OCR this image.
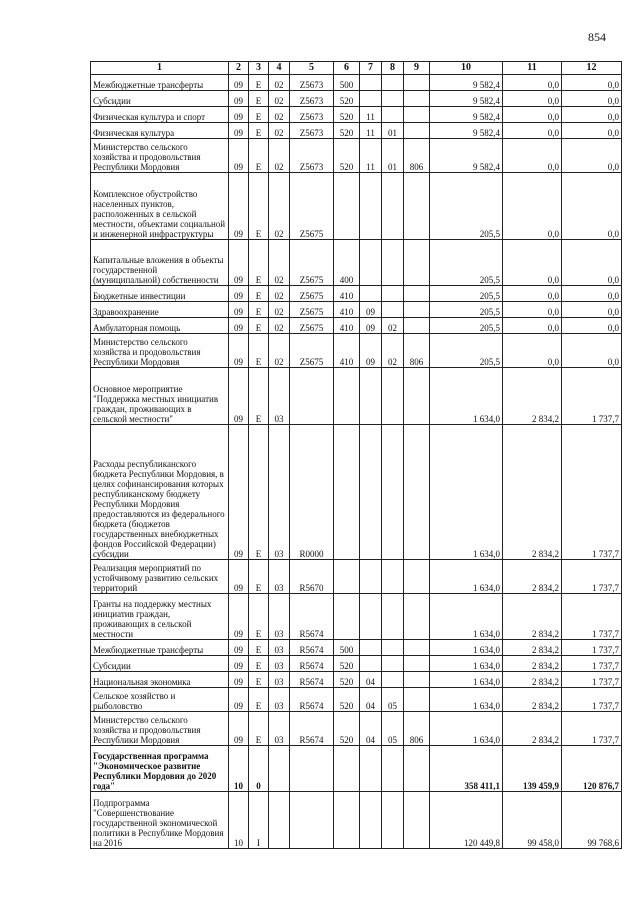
854
1	2	3	4	5	6	7	8	9	10	11	12
Межбюджетные трансферты	09	Е	02	Z5673	500				9 582,4	0,0	0,0
Субсидии	09	Е	02	Z5673	520				9 582,4	0,0	0,0
Физическая культура и спорт	09	Е	02	Z5673	520	11			9 582,4	0,0	0,0
Физическая культура	09	Е	02	Z5673	520	11	01		9 582,4	0,0	0,0
Министерство сельского хозяйства и продовольствия Республики Мордовия	09	Е	02	Z5673	520	11	01	806	9 582,4	0,0	0,0
Комплексное обустройство населенных пунктов, расположенных в сельской местности, объектами социальной и инженерной инфраструктуры	09	Е	02	Z5675					205,5	0,0	0,0
Капитальные вложения в объекты государственной (муниципальной) собственности	09	Е	02	Z5675	400				205,5	0,0	0,0
Бюджетные инвестиции	09	Е	02	Z5675	410				205,5	0,0	0,0
Здравоохранение	09	Е	02	Z5675	410	09			205,5	0,0	0,0
Амбулаторная помощь	09	Е	02	Z5675	410	09	02		205,5	0,0	0,0
Министерство сельского хозяйства и продовольствия Республики Мордовия	09	Е	02	Z5675	410	09	02	806	205,5	0,0	0,0
Основное мероприятие "Поддержка местных инициатив граждан, проживающих в сельской местности"	09	Е	03						1 634,0	2 834,2	1 737,7
Расходы республиканского бюджета Республики Мордовия, в целях софинансирования которых республиканскому бюджету Республики Мордовия предоставляются из федерального бюджета (бюджетов государственных внебюджетных фондов Российской Федерации) субсидии	09	Е	03	R0000					1 634,0	2 834,2	1 737,7
Реализация мероприятий по устойчивому развитию сельских территорий	09	Е	03	R5670					1 634,0	2 834,2	1 737,7
Гранты на поддержку местных инициатив граждан, проживающих в сельской местности	09	Е	03	R5674					1 634,0	2 834,2	1 737,7
Межбюджетные трансферты	09	Е	03	R5674	500				1 634,0	2 834,2	1 737,7
Субсидии	09	Е	03	R5674	520				1 634,0	2 834,2	1 737,7
Национальная экономика	09	Е	03	R5674	520	04			1 634,0	2 834,2	1 737,7
Сельское хозяйство и рыболовство	09	Е	03	R5674	520	04	05		1 634,0	2 834,2	1 737,7
Министерство сельского хозяйства и продовольствия Республики Мордовия	09	Е	03	R5674	520	04	05	806	1 634,0	2 834,2	1 737,7
Государственная программа "Экономическое развитие Республики Мордовия до 2020 года"	10	0							358 411,1	139 459,9	120 876,7
Подпрограмма "Совершенствование государственной экономической политики в Республике Мордовия на 2016	10	I							120 449,8	99 458,0	99 768,6
